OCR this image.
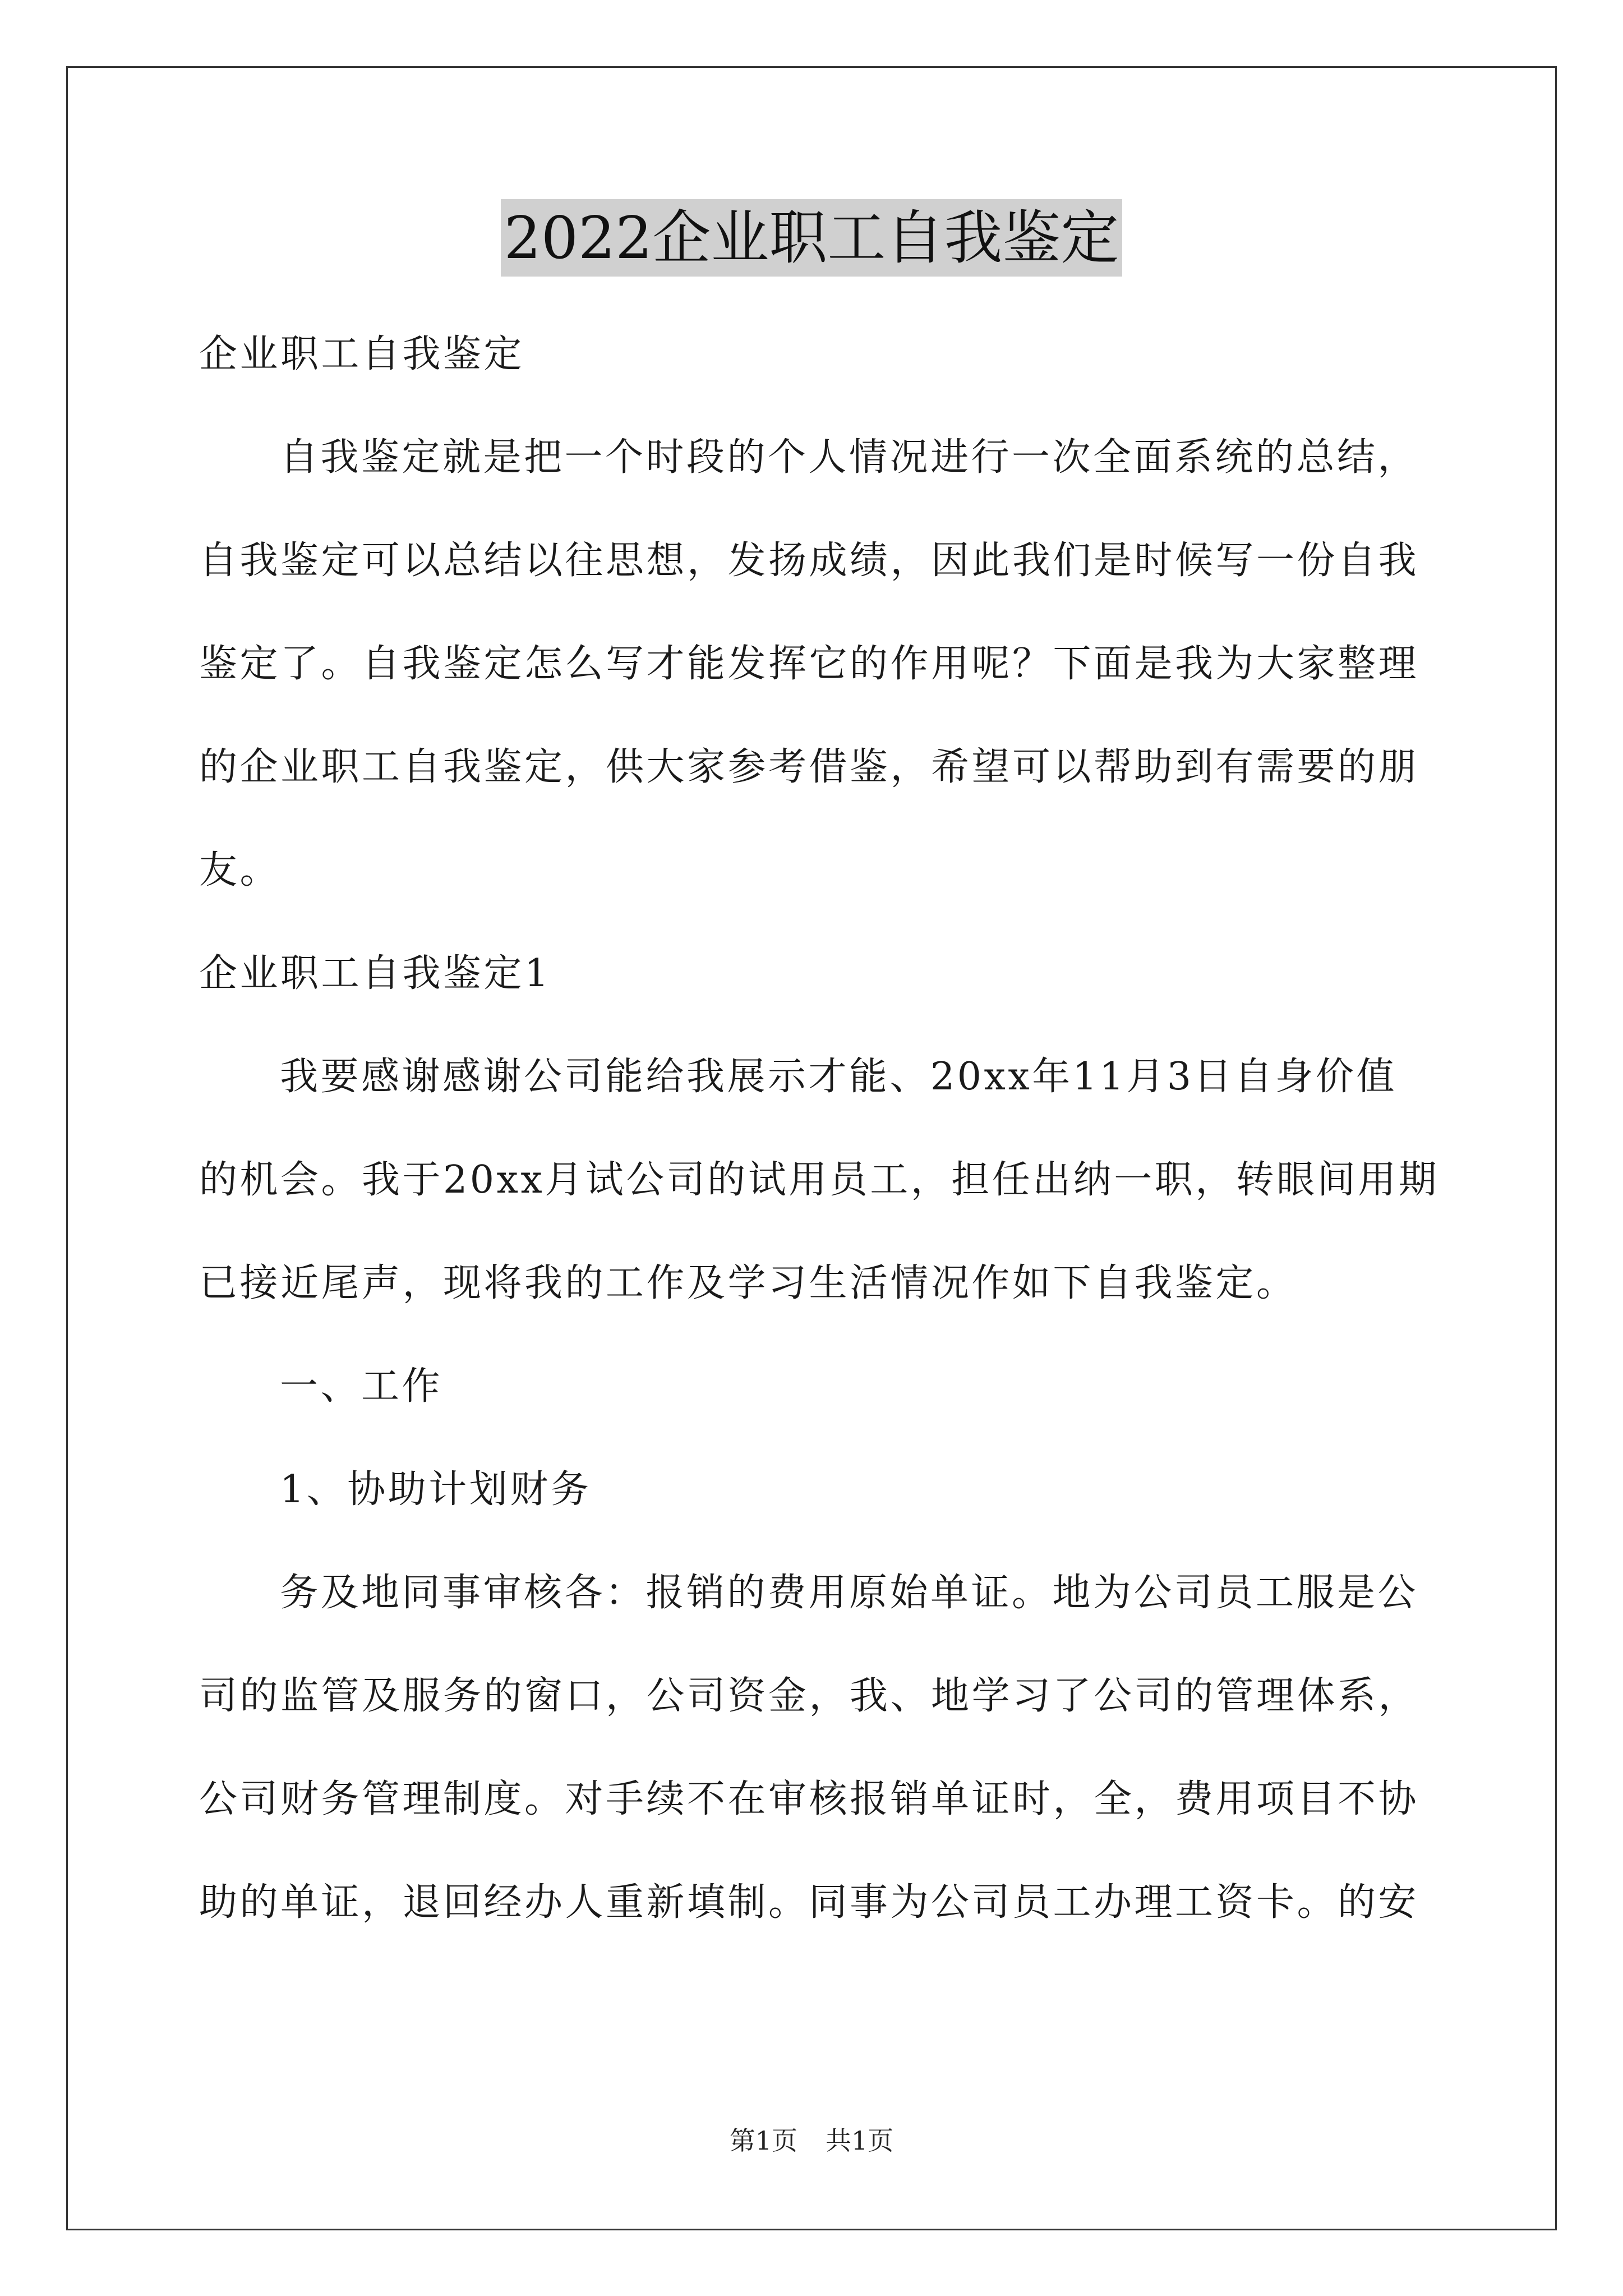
2022企业职工自我鉴定
企业职工自我鉴定
自我鉴定就是把一个时段的个人情况进行一次全面系统的总结，
自我鉴定可以总结以往思想，发扬成绩，因此我们是时候写一份自我
鉴定了。自我鉴定怎么写才能发挥它的作用呢？下面是我为大家整理
的企业职工自我鉴定，供大家参考借鉴，希望可以帮助到有需要的朋
友。
企业职工自我鉴定1
我要感谢感谢公司能给我展示才能、20xx年11月3日自身价值
的机会。我于20xx月试公司的试用员工，担任出纳一职，转眼间用期
已接近尾声，现将我的工作及学习生活情况作如下自我鉴定。
一、工作
1、协助计划财务
务及地同事审核各：报销的费用原始单证。地为公司员工服是公
司的监管及服务的窗口，公司资金，我、地学习了公司的管理体系，
公司财务管理制度。对手续不在审核报销单证时，全，费用项目不协
助的单证，退回经办人重新填制。同事为公司员工办理工资卡。的安
第1页 共1页
